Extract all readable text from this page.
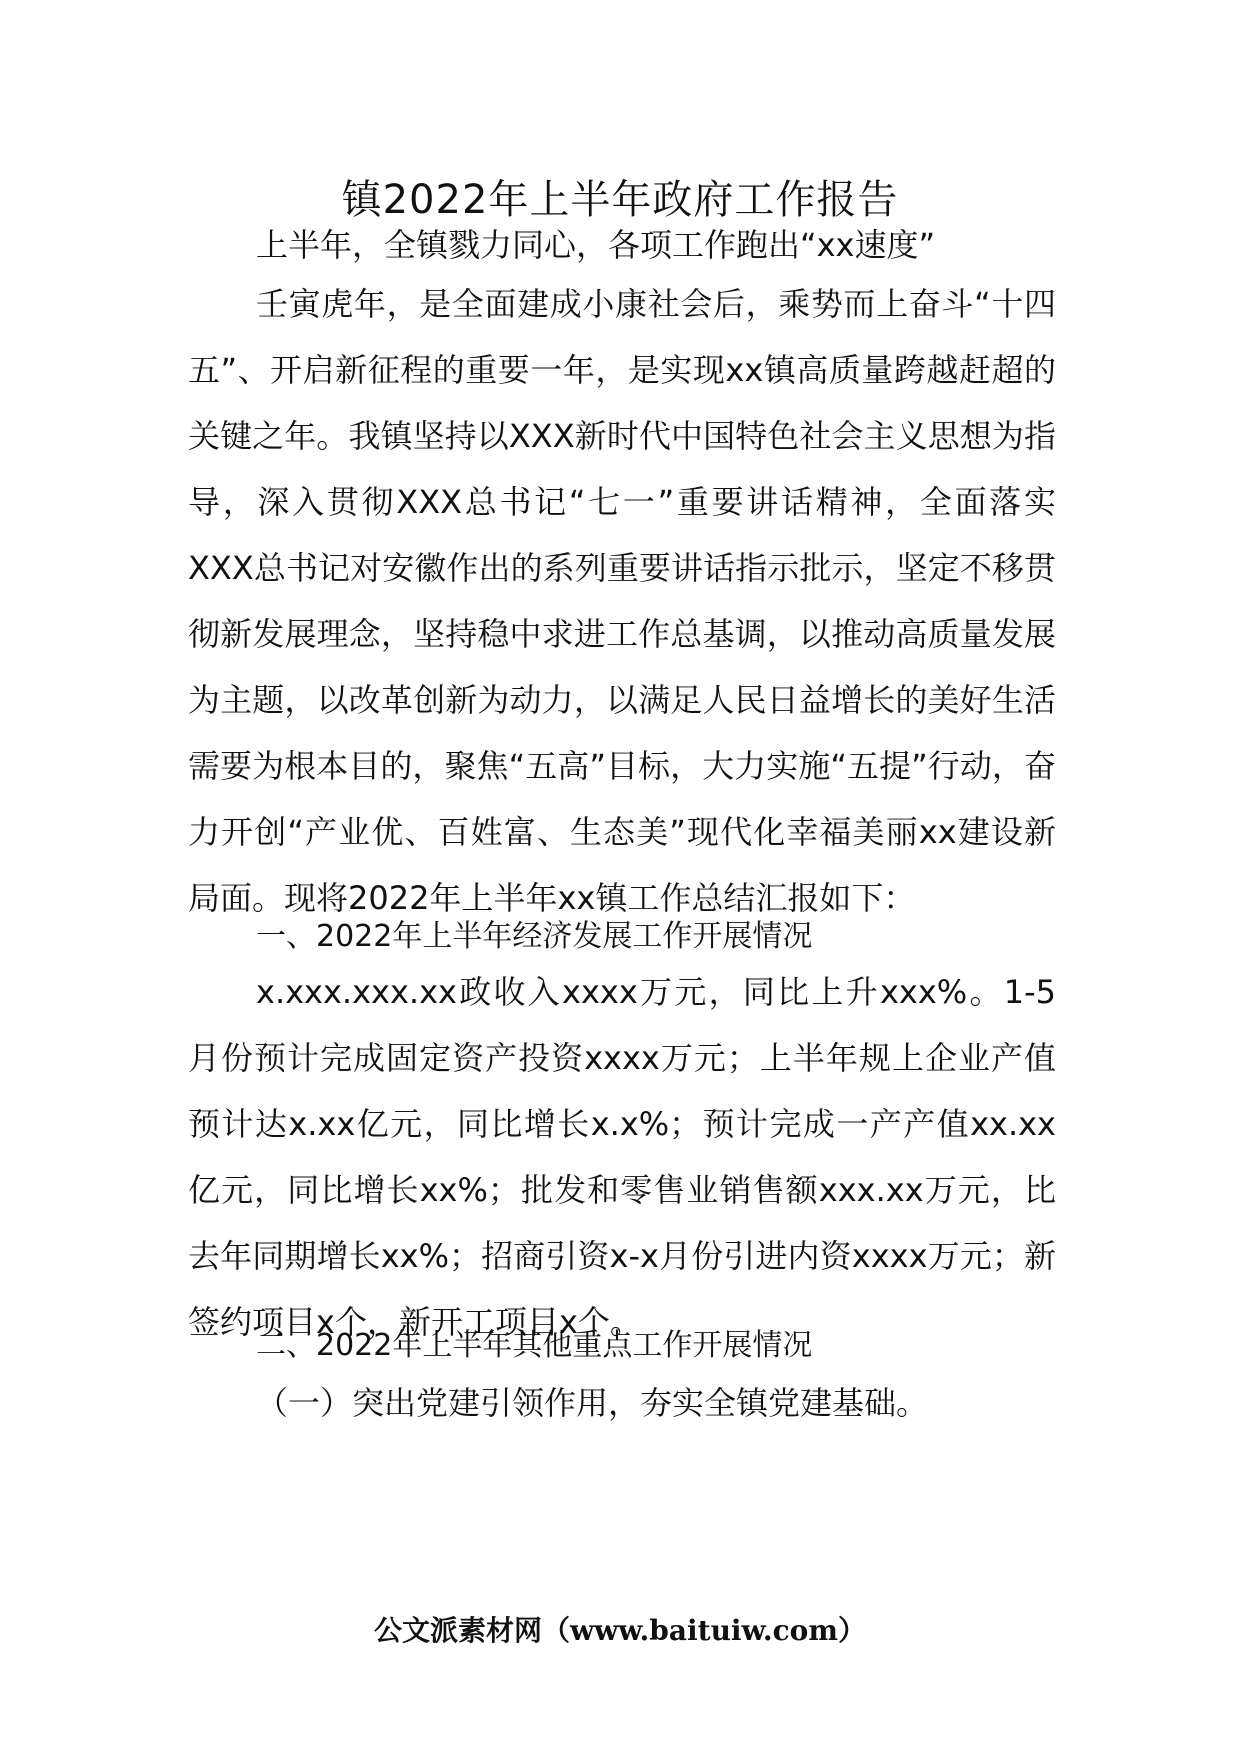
镇2022年上半年政府工作报告
上半年，全镇戮力同心，各项工作跑出“xx速度”
壬寅虎年，是全面建成小康社会后，乘势而上奋斗“十四五”、开启新征程的重要一年，是实现xx镇高质量跨越赶超的关键之年。我镇坚持以XXX新时代中国特色社会主义思想为指导，深入贯彻XXX总书记“七一”重要讲话精神，全面落实XXX总书记对安徽作出的系列重要讲话指示批示，坚定不移贯彻新发展理念，坚持稳中求进工作总基调，以推动高质量发展为主题，以改革创新为动力，以满足人民日益增长的美好生活需要为根本目的，聚焦“五高”目标，大力实施“五提”行动，奋力开创“产业优、百姓富、生态美”现代化幸福美丽xx建设新局面。现将2022年上半年xx镇工作总结汇报如下：
一、2022年上半年经济发展工作开展情况
x.xxx.xxx.xx政收入xxxx万元，同比上升xxx%。1-5月份预计完成固定资产投资xxxx万元；上半年规上企业产值预计达x.xx亿元，同比增长x.x%；预计完成一产产值xx.xx亿元，同比增长xx%；批发和零售业销售额xxx.xx万元，比去年同期增长xx%；招商引资x-x月份引进内资xxxx万元；新签约项目x个，新开工项目x个。
二、2022年上半年其他重点工作开展情况
（一）突出党建引领作用，夯实全镇党建基础。
公文派素材网（www.baituiw.com）
